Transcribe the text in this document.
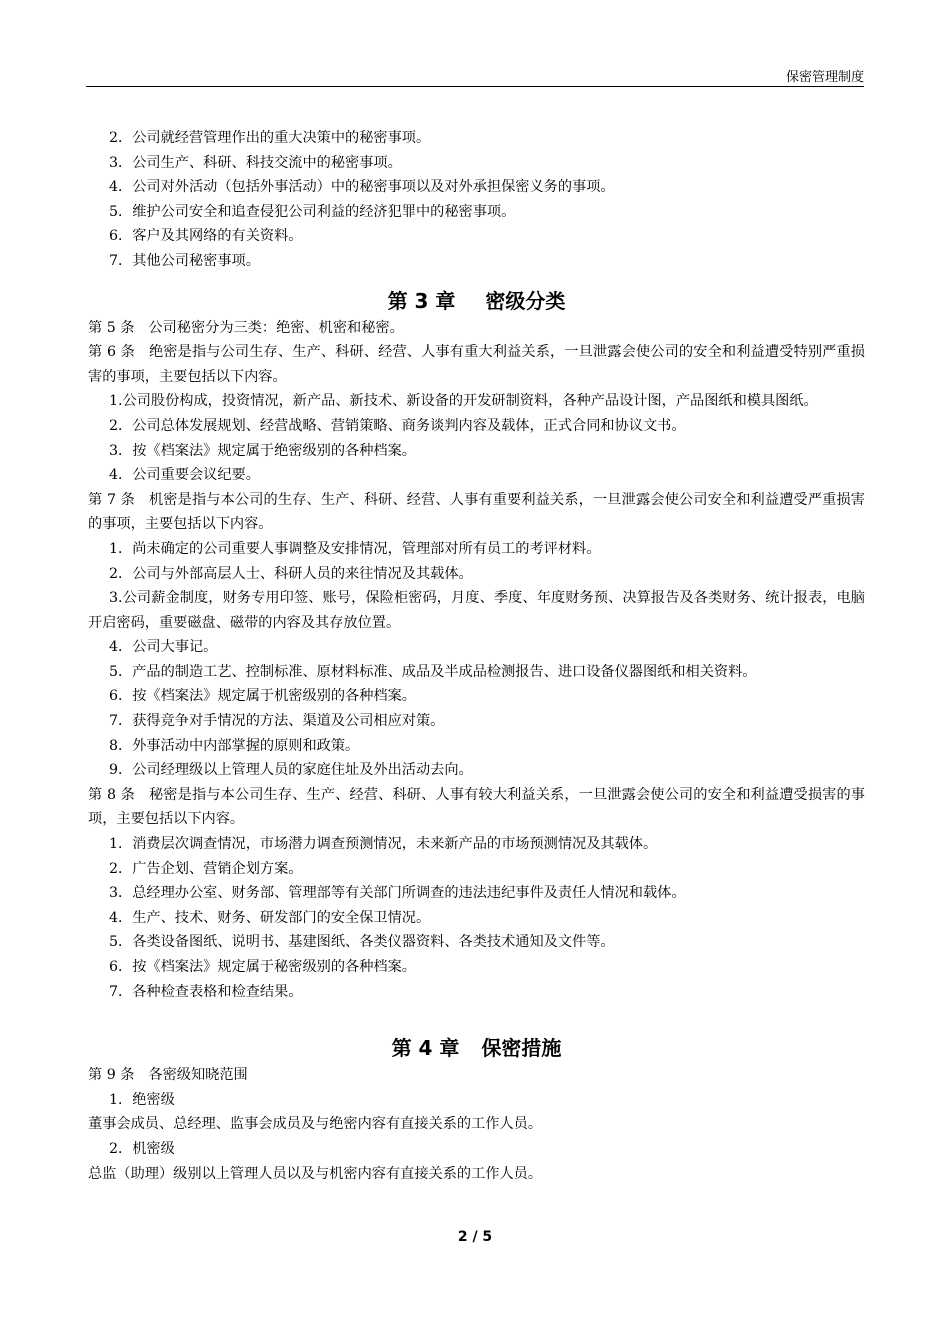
保密管理制度
2．公司就经营管理作出的重大决策中的秘密事项。
3．公司生产、科研、科技交流中的秘密事项。
4．公司对外活动（包括外事活动）中的秘密事项以及对外承担保密义务的事项。
5．维护公司安全和追查侵犯公司利益的经济犯罪中的秘密事项。
6．客户及其网络的有关资料。
7．其他公司秘密事项。
第 3 章 密级分类
第 5 条 公司秘密分为三类：绝密、机密和秘密。
第 6 条 绝密是指与公司生存、生产、科研、经营、人事有重大利益关系，一旦泄露会使公司的安全和利益遭受特别严重损害的事项，主要包括以下内容。
1.公司股份构成，投资情况，新产品、新技术、新设备的开发研制资料，各种产品设计图，产品图纸和模具图纸。
2．公司总体发展规划、经营战略、营销策略、商务谈判内容及载体，正式合同和协议文书。
3．按《档案法》规定属于绝密级别的各种档案。
4．公司重要会议纪要。
第 7 条 机密是指与本公司的生存、生产、科研、经营、人事有重要利益关系，一旦泄露会使公司安全和利益遭受严重损害的事项，主要包括以下内容。
1．尚未确定的公司重要人事调整及安排情况，管理部对所有员工的考评材料。
2．公司与外部高层人士、科研人员的来往情况及其载体。
3.公司薪金制度，财务专用印签、账号，保险柜密码，月度、季度、年度财务预、决算报告及各类财务、统计报表，电脑开启密码，重要磁盘、磁带的内容及其存放位置。
4．公司大事记。
5．产品的制造工艺、控制标准、原材料标准、成品及半成品检测报告、进口设备仪器图纸和相关资料。
6．按《档案法》规定属于机密级别的各种档案。
7．获得竞争对手情况的方法、渠道及公司相应对策。
8．外事活动中内部掌握的原则和政策。
9．公司经理级以上管理人员的家庭住址及外出活动去向。
第 8 条 秘密是指与本公司生存、生产、经营、科研、人事有较大利益关系，一旦泄露会使公司的安全和利益遭受损害的事项，主要包括以下内容。
1．消费层次调查情况，市场潜力调查预测情况，未来新产品的市场预测情况及其载体。
2．广告企划、营销企划方案。
3．总经理办公室、财务部、管理部等有关部门所调查的违法违纪事件及责任人情况和载体。
4．生产、技术、财务、研发部门的安全保卫情况。
5．各类设备图纸、说明书、基建图纸、各类仪器资料、各类技术通知及文件等。
6．按《档案法》规定属于秘密级别的各种档案。
7．各种检查表格和检查结果。
第 4 章 保密措施
第 9 条 各密级知晓范围
1．绝密级
董事会成员、总经理、监事会成员及与绝密内容有直接关系的工作人员。
2．机密级
总监（助理）级别以上管理人员以及与机密内容有直接关系的工作人员。
2 / 5
